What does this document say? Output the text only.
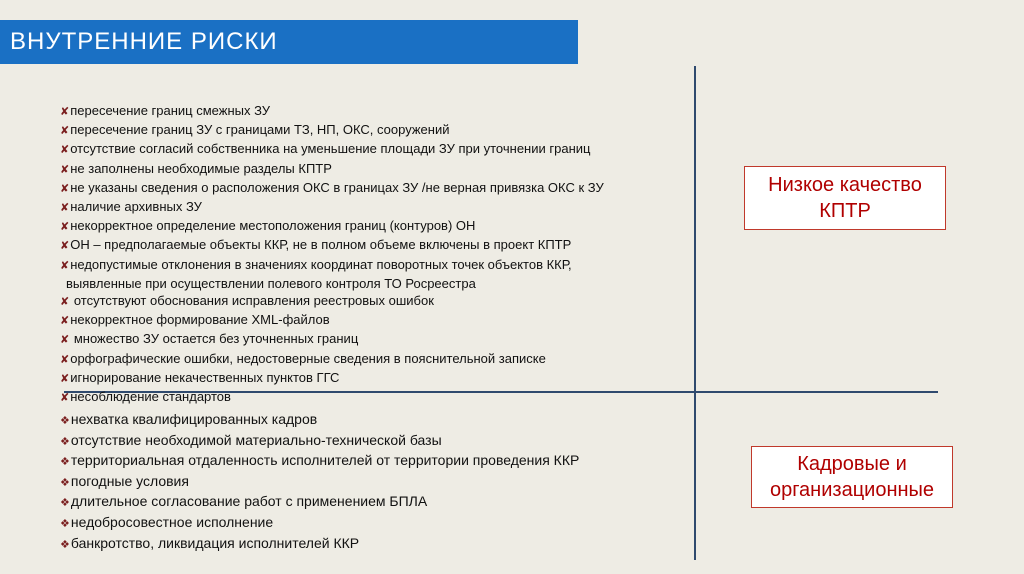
ВНУТРЕННИЕ РИСКИ
✘пересечение границ смежных ЗУ
✘пересечение границ ЗУ с границами ТЗ, НП, ОКС, сооружений
✘отсутствие согласий собственника на уменьшение площади ЗУ при уточнении границ
✘не заполнены необходимые разделы КПТР
✘не указаны сведения о расположения ОКС в границах ЗУ /не верная привязка ОКС к ЗУ
✘наличие архивных ЗУ
✘некорректное определение местоположения границ (контуров) ОН
✘ОН – предполагаемые объекты ККР, не в полном объеме включены в проект КПТР
✘недопустимые отклонения в значениях координат поворотных точек объектов ККР,
выявленные при осуществлении полевого контроля ТО Росреестра
✘ отсутствуют обоснования исправления реестровых ошибок
✘некорректное формирование XML-файлов
✘ множество ЗУ остается без уточненных границ
✘орфографические ошибки, недостоверные сведения в пояснительной записке
✘игнорирование некачественных пунктов ГГС
✘несоблюдение стандартов
❖нехватка квалифицированных кадров
❖отсутствие необходимой материально-технической базы
❖территориальная отдаленность исполнителей от территории проведения ККР
❖погодные условия
❖длительное согласование работ с применением БПЛА
❖недобросовестное исполнение
❖банкротство, ликвидация исполнителей ККР
Низкое качество
КПТР
Кадровые и
организационные
